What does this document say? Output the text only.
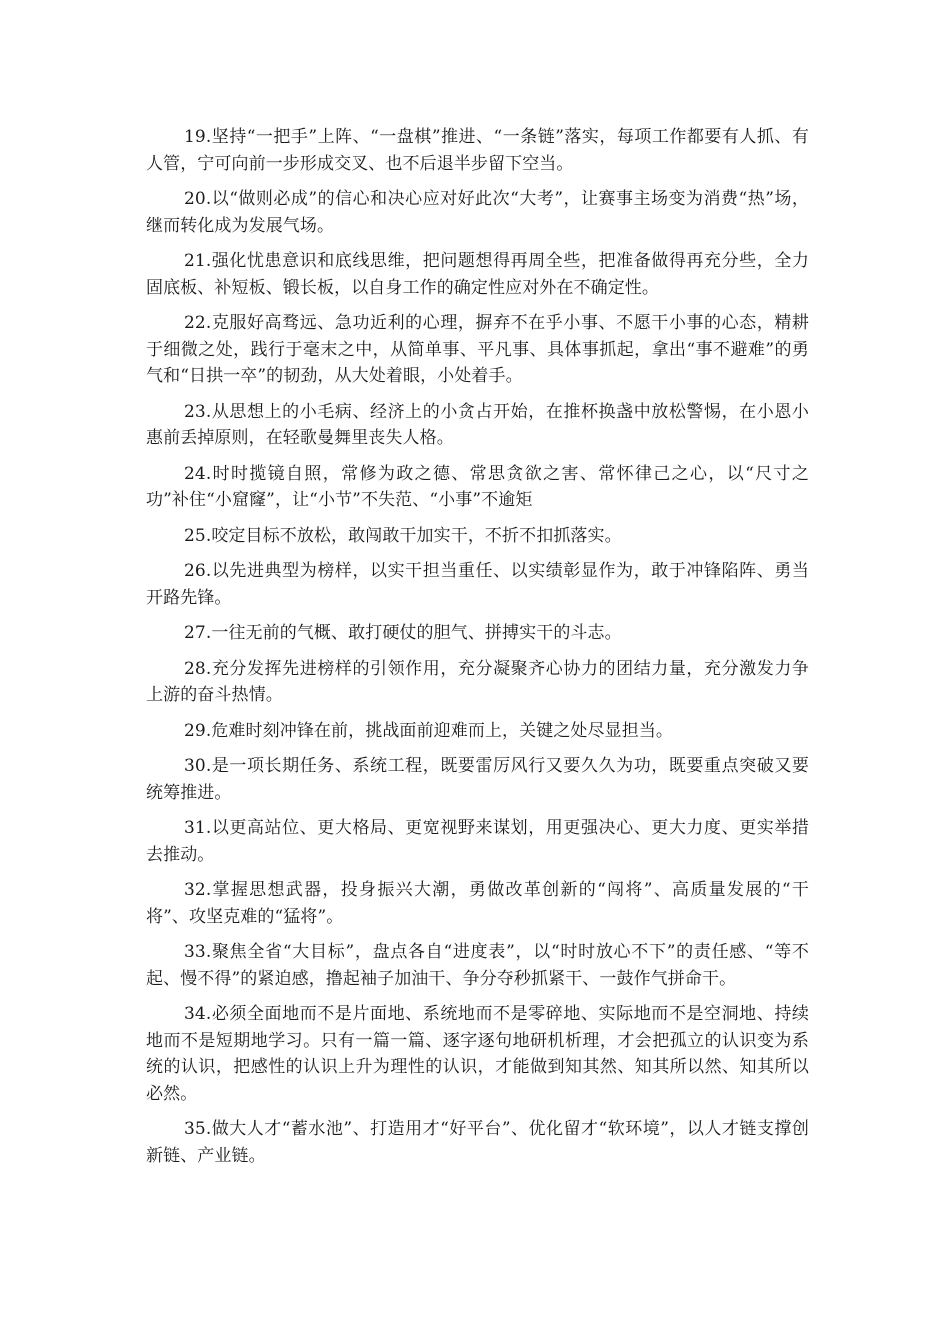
19.坚持“一把手”上阵、“一盘棋”推进、“一条链”落实，每项工作都要有人抓、有人管，宁可向前一步形成交叉、也不后退半步留下空当。

20.以“做则必成”的信心和决心应对好此次“大考”，让赛事主场变为消费“热”场，继而转化成为发展气场。

21.强化忧患意识和底线思维，把问题想得再周全些，把准备做得再充分些，全力固底板、补短板、锻长板，以自身工作的确定性应对外在不确定性。

22.克服好高骛远、急功近利的心理，摒弃不在乎小事、不愿干小事的心态，精耕于细微之处，践行于毫末之中，从简单事、平凡事、具体事抓起，拿出“事不避难”的勇气和“日拱一卒”的韧劲，从大处着眼，小处着手。

23.从思想上的小毛病、经济上的小贪占开始，在推杯换盏中放松警惕，在小恩小惠前丢掉原则，在轻歌曼舞里丧失人格。

24.时时揽镜自照，常修为政之德、常思贪欲之害、常怀律己之心，以“尺寸之功”补住“小窟窿”，让“小节”不失范、“小事”不逾矩

25.咬定目标不放松，敢闯敢干加实干，不折不扣抓落实。

26.以先进典型为榜样，以实干担当重任、以实绩彰显作为，敢于冲锋陷阵、勇当开路先锋。

27.一往无前的气概、敢打硬仗的胆气、拼搏实干的斗志。

28.充分发挥先进榜样的引领作用，充分凝聚齐心协力的团结力量，充分激发力争上游的奋斗热情。

29.危难时刻冲锋在前，挑战面前迎难而上，关键之处尽显担当。

30.是一项长期任务、系统工程，既要雷厉风行又要久久为功，既要重点突破又要统筹推进。

31.以更高站位、更大格局、更宽视野来谋划，用更强决心、更大力度、更实举措去推动。

32.掌握思想武器，投身振兴大潮，勇做改革创新的“闯将”、高质量发展的“干将”、攻坚克难的“猛将”。

33.聚焦全省“大目标”，盘点各自“进度表”，以“时时放心不下”的责任感、“等不起、慢不得”的紧迫感，撸起袖子加油干、争分夺秒抓紧干、一鼓作气拼命干。

34.必须全面地而不是片面地、系统地而不是零碎地、实际地而不是空洞地、持续地而不是短期地学习。只有一篇一篇、逐字逐句地研机析理，才会把孤立的认识变为系统的认识，把感性的认识上升为理性的认识，才能做到知其然、知其所以然、知其所以必然。

35.做大人才“蓄水池”、打造用才“好平台”、优化留才“软环境”，以人才链支撑创新链、产业链。
